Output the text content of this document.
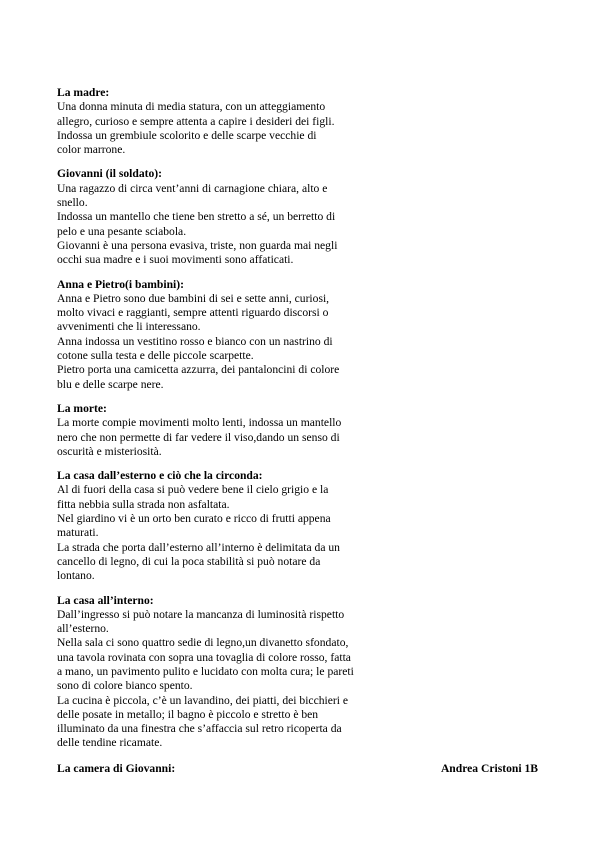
La madre:
Una donna minuta di media statura, con un atteggiamento
allegro, curioso e sempre attenta a capire i desideri dei figli.
Indossa un grembiule scolorito e delle scarpe vecchie di
color marrone.
Giovanni (il soldato):
Una ragazzo di circa vent’anni di carnagione chiara, alto e
snello.
Indossa un mantello che tiene ben stretto a sé, un berretto di
pelo e una pesante sciabola.
Giovanni è una persona evasiva, triste, non guarda mai negli
occhi sua madre e i suoi movimenti sono affaticati.
Anna e Pietro(i bambini):
Anna e Pietro sono due bambini di sei e sette anni, curiosi,
molto vivaci e raggianti, sempre attenti riguardo discorsi o
avvenimenti che li interessano.
Anna indossa un vestitino rosso e bianco con un nastrino di
cotone sulla testa e delle piccole scarpette.
Pietro porta una camicetta azzurra, dei pantaloncini di colore
blu e delle scarpe nere.
La morte:
La morte compie movimenti molto lenti, indossa un mantello
nero che non permette di far vedere il viso,dando un senso di
oscurità e misteriosità.
La casa dall’esterno e ciò che la circonda:
Al di fuori della casa si può vedere bene il cielo grigio e la
fitta nebbia sulla strada non asfaltata.
Nel giardino vi è un orto ben curato e ricco di frutti appena
maturati.
La strada che porta dall’esterno all’interno è delimitata da un
cancello di legno, di cui la poca stabilità si può notare da
lontano.
La casa all’interno:
Dall’ingresso si può notare la mancanza di luminosità rispetto
all’esterno.
Nella sala ci sono quattro sedie di legno,un divanetto sfondato,
una tavola rovinata con sopra una tovaglia di colore rosso, fatta
a mano, un pavimento pulito e lucidato con molta cura; le pareti
sono di colore bianco spento.
La cucina è piccola, c’è un lavandino, dei piatti, dei bicchieri e
delle posate in metallo; il bagno è piccolo e stretto è ben
illuminato da una finestra che s’affaccia sul retro ricoperta da
delle tendine ricamate.
La camera di Giovanni:	Andrea Cristoni 1B
